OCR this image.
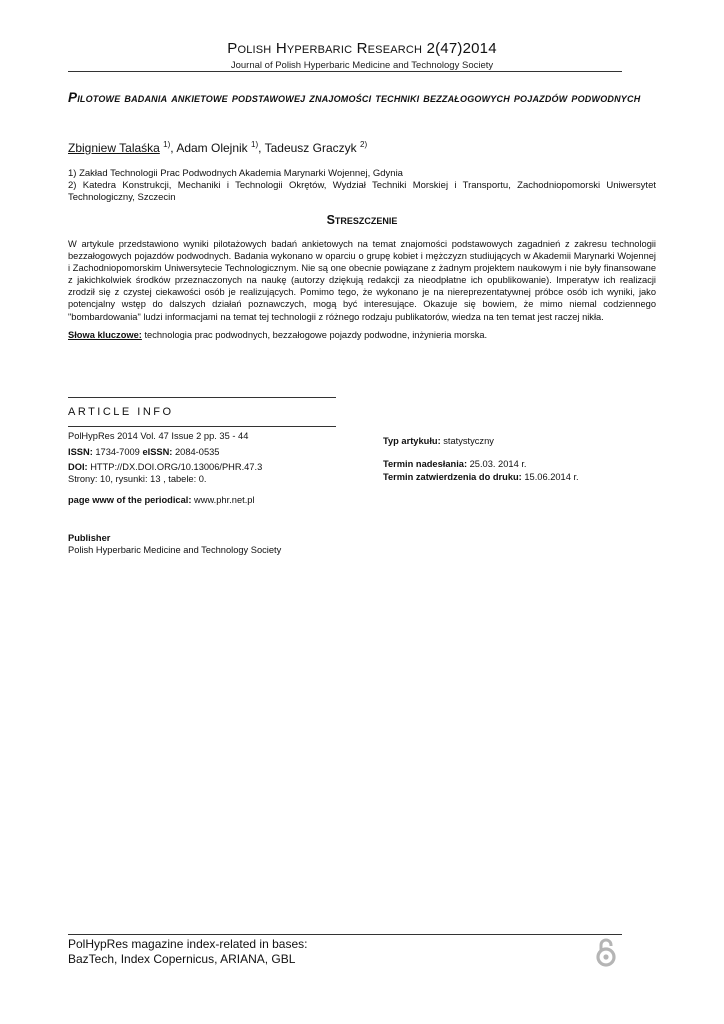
Polish Hyperbaric Research 2(47)2014
Journal of Polish Hyperbaric Medicine and Technology Society
Pilotowe badania ankietowe podstawowej znajomości techniki bezzałogowych pojazdów podwodnych
Zbigniew Talaśka $^{1)}$, Adam Olejnik $^{1)}$, Tadeusz Graczyk $^{2)}$
1) Zakład Technologii Prac Podwodnych Akademia Marynarki Wojennej, Gdynia
2) Katedra Konstrukcji, Mechaniki i Technologii Okrętów, Wydział Techniki Morskiej i Transportu, Zachodniopomorski Uniwersytet Technologiczny, Szczecin
Streszczenie
W artykule przedstawiono wyniki pilotażowych badań ankietowych na temat znajomości podstawowych zagadnień z zakresu technologii bezzałogowych pojazdów podwodnych. Badania wykonano w oparciu o grupę kobiet i mężczyzn studiujących w Akademii Marynarki Wojennej i Zachodniopomorskim Uniwersytecie Technologicznym. Nie są one obecnie powiązane z żadnym projektem naukowym i nie były finansowane z jakichkolwiek środków przeznaczonych na naukę (autorzy dziękują redakcji za nieodpłatne ich opublikowanie). Imperatyw ich realizacji zrodził się z czystej ciekawości osób je realizujących. Pomimo tego, że wykonano je na niereprezentatywnej próbce osób ich wyniki, jako potencjalny wstęp do dalszych działań poznawczych, mogą być interesujące. Okazuje się bowiem, że mimo niemal codziennego "bombardowania" ludzi informacjami na temat tej technologii z różnego rodzaju publikatorów, wiedza na ten temat jest raczej nikła.
Słowa kluczowe: technologia prac podwodnych, bezzałogowe pojazdy podwodne, inżynieria morska.
ARTICLE INFO
PolHypRes 2014 Vol. 47 Issue 2 pp. 35 - 44
ISSN: 1734-7009 eISSN: 2084-0535
DOI: HTTP://DX.DOI.ORG/10.13006/PHR.47.3
Strony: 10, rysunki: 13 , tabele: 0.
page www of the periodical: www.phr.net.pl
Publisher
Polish Hyperbaric Medicine and Technology Society
Typ artykułu: statystyczny
Termin nadesłania: 25.03. 2014 r.
Termin zatwierdzenia do druku: 15.06.2014 r.
PolHypRes magazine index-related in bases:
BazTech, Index Copernicus, ARIANA, GBL
